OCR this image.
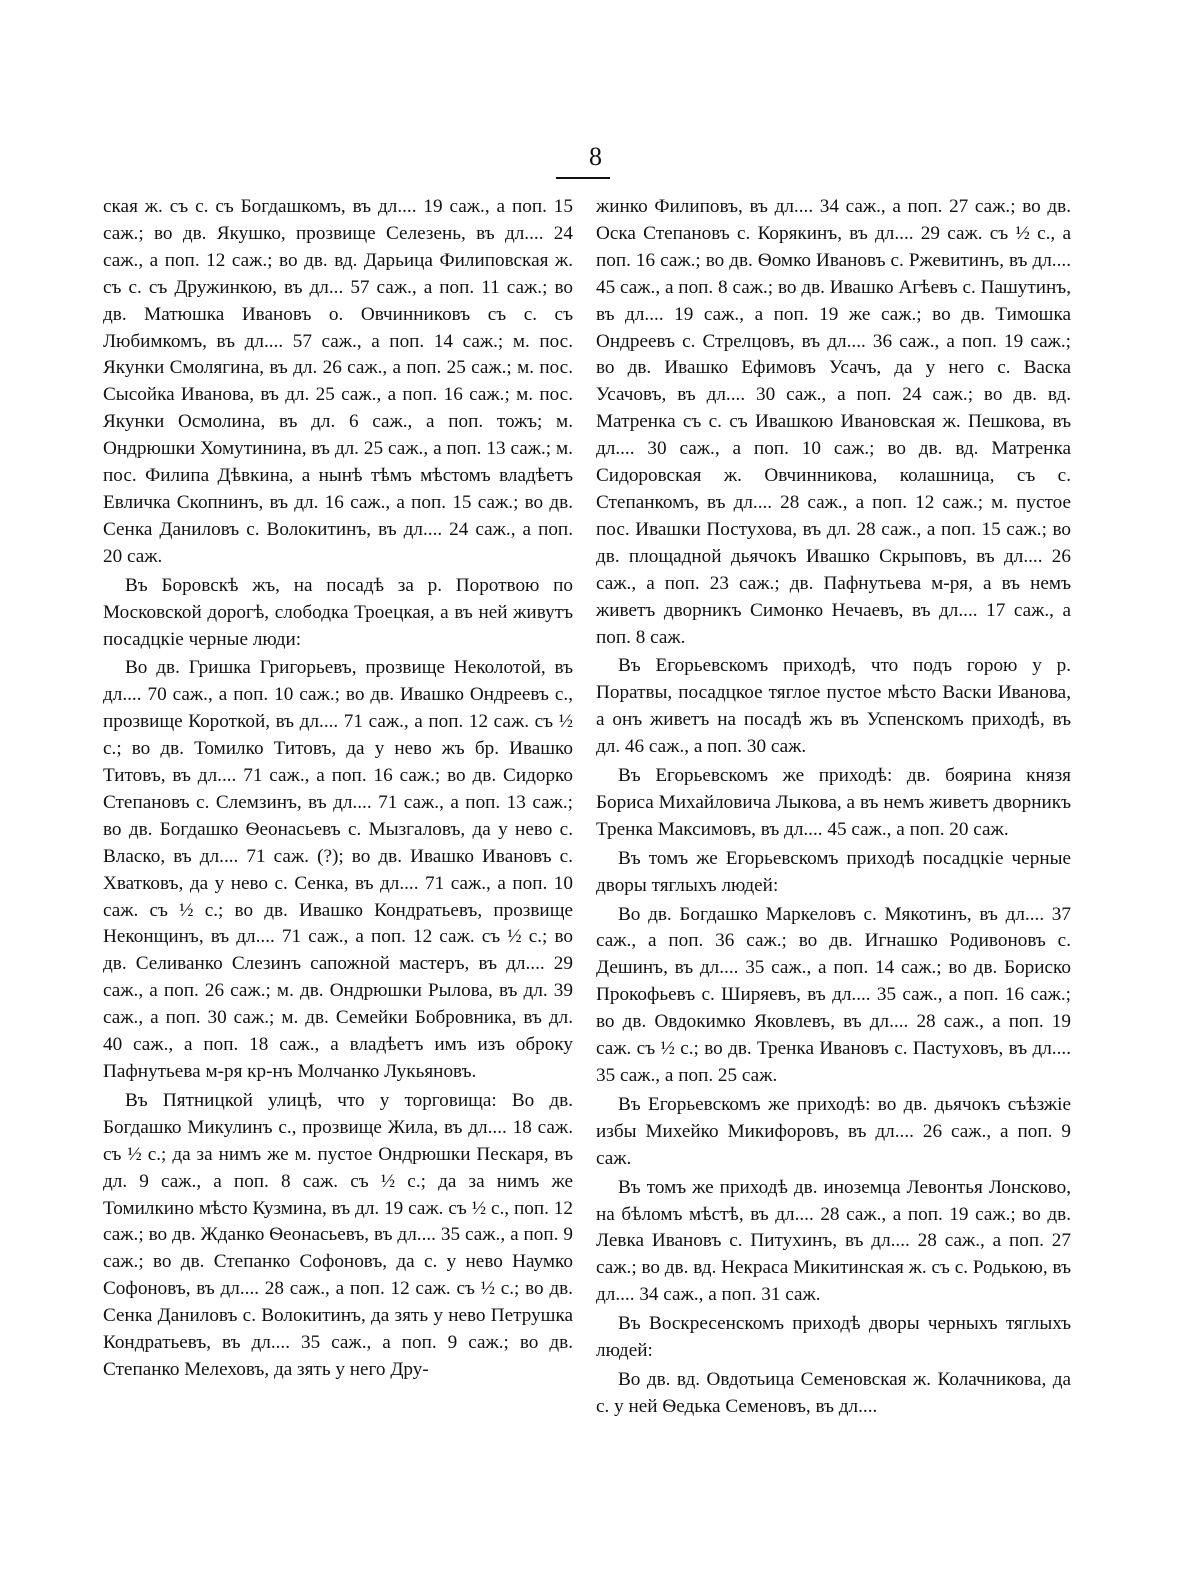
8

ская ж. съ с. съ Богдашкомъ, въ дл.... 19 саж., а поп. 15 саж.; во дв. Якушко, прозвище Селезень, въ дл.... 24 саж., а поп. 12 саж.; во дв. вд. Дарьица Филиповская ж. съ с. съ Дружинкою, въ дл... 57 саж., а поп. 11 саж.; во дв. Матюшка Ивановъ о. Овчинниковъ съ с. съ Любимкомъ, въ дл.... 57 саж., а поп. 14 саж.; м. пос. Якунки Смолягина, въ дл. 26 саж., а поп. 25 саж.; м. пос. Сысойка Иванова, въ дл. 25 саж., а поп. 16 саж.; м. пос. Якунки Осмолина, въ дл. 6 саж., а поп. тожъ; м. Ондрюшки Хомутинина, въ дл. 25 саж., а поп. 13 саж.; м. пос. Филипа Дѣвкина, а нынѣ тѣмъ мѣстомъ владѣетъ Евличка Скопнинъ, въ дл. 16 саж., а поп. 15 саж.; во дв. Сенка Даниловъ с. Волокитинъ, въ дл.... 24 саж., а поп. 20 саж.

Въ Боровскѣ жъ, на посадѣ за р. Поротвою по Московской дорогѣ, слободка Троецкая, а въ ней живутъ посадцкіе черные люди:

Во дв. Гришка Григорьевъ, прозвище Неколотой, въ дл.... 70 саж., а поп. 10 саж.; во дв. Ивашко Ондреевъ с., прозвище Короткой, въ дл.... 71 саж., а поп. 12 саж. съ ½ с.; во дв. Томилко Титовъ, да у нево жъ бр. Ивашко Титовъ, въ дл.... 71 саж., а поп. 16 саж.; во дв. Сидорко Степановъ с. Слемзинъ, въ дл.... 71 саж., а поп. 13 саж.; во дв. Богдашко Ѳеонасьевъ с. Мызгаловъ, да у нево с. Власко, въ дл.... 71 саж. (?); во дв. Ивашко Ивановъ с. Хватковъ, да у нево с. Сенка, въ дл.... 71 саж., а поп. 10 саж. съ ½ с.; во дв. Ивашко Кондратьевъ, прозвище Неконщинъ, въ дл.... 71 саж., а поп. 12 саж. съ ½ с.; во дв. Селиванко Слезинъ сапожной мастеръ, въ дл.... 29 саж., а поп. 26 саж.; м. дв. Ондрюшки Рылова, въ дл. 39 саж., а поп. 30 саж.; м. дв. Семейки Бобровника, въ дл. 40 саж., а поп. 18 саж., а владѣетъ имъ изъ оброку Пафнутьева м-ря кр-нъ Молчанко Лукьяновъ.

Въ Пятницкой улицѣ, что у торговища: Во дв. Богдашко Микулинъ с., прозвище Жила, въ дл.... 18 саж. съ ½ с.; да за нимъ же м. пустое Ондрюшки Пескаря, въ дл. 9 саж., а поп. 8 саж. съ ½ с.; да за нимъ же Томилкино мѣсто Кузмина, въ дл. 19 саж. съ ½ с., поп. 12 саж.; во дв. Жданко Ѳеонасьевъ, въ дл.... 35 саж., а поп. 9 саж.; во дв. Степанко Софоновъ, да с. у нево Наумко Софоновъ, въ дл.... 28 саж., а поп. 12 саж. съ ½ с.; во дв. Сенка Даниловъ с. Волокитинъ, да зять у нево Петрушка Кондратьевъ, въ дл.... 35 саж., а поп. 9 саж.; во дв. Степанко Мелеховъ, да зять у него Дру-

жинко Филиповъ, въ дл.... 34 саж., а поп. 27 саж.; во дв. Оска Степановъ с. Корякинъ, въ дл.... 29 саж. съ ½ с., а поп. 16 саж.; во дв. Ѳомко Ивановъ с. Ржевитинъ, въ дл.... 45 саж., а поп. 8 саж.; во дв. Ивашко Агѣевъ с. Пашутинъ, въ дл.... 19 саж., а поп. 19 же саж.; во дв. Тимошка Ондреевъ с. Стрелцовъ, въ дл.... 36 саж., а поп. 19 саж.; во дв. Ивашко Ефимовъ Усачъ, да у него с. Васка Усачовъ, въ дл.... 30 саж., а поп. 24 саж.; во дв. вд. Матренка съ с. съ Ивашкою Ивановская ж. Пешкова, въ дл.... 30 саж., а поп. 10 саж.; во дв. вд. Матренка Сидоровская ж. Овчинникова, колашница, съ с. Степанкомъ, въ дл.... 28 саж., а поп. 12 саж.; м. пустое пос. Ивашки Постухова, въ дл. 28 саж., а поп. 15 саж.; во дв. площадной дьячокъ Ивашко Скрыповъ, въ дл.... 26 саж., а поп. 23 саж.; дв. Пафнутьева м-ря, а въ немъ живетъ дворникъ Симонко Нечаевъ, въ дл.... 17 саж., а поп. 8 саж.

Въ Егорьевскомъ приходѣ, что подъ горою у р. Поратвы, посадцкое тяглое пустое мѣсто Васки Иванова, а онъ живетъ на посадѣ жъ въ Успенскомъ приходѣ, въ дл. 46 саж., а поп. 30 саж.

Въ Егорьевскомъ же приходѣ: дв. боярина князя Бориса Михайловича Лыкова, а въ немъ живетъ дворникъ Тренка Максимовъ, въ дл.... 45 саж., а поп. 20 саж.

Въ томъ же Егорьевскомъ приходѣ посадцкіе черные дворы тяглыхъ людей:

Во дв. Богдашко Маркеловъ с. Мякотинъ, въ дл.... 37 саж., а поп. 36 саж.; во дв. Игнашко Родивоновъ с. Дешинъ, въ дл.... 35 саж., а поп. 14 саж.; во дв. Бориско Прокофьевъ с. Ширяевъ, въ дл.... 35 саж., а поп. 16 саж.; во дв. Овдокимко Яковлевъ, въ дл.... 28 саж., а поп. 19 саж. съ ½ с.; во дв. Тренка Ивановъ с. Пастуховъ, въ дл.... 35 саж., а поп. 25 саж.

Въ Егорьевскомъ же приходѣ: во дв. дьячокъ съѣзжіе избы Михейко Микифоровъ, въ дл.... 26 саж., а поп. 9 саж.

Въ томъ же приходѣ дв. иноземца Левонтья Лонсково, на бѣломъ мѣстѣ, въ дл.... 28 саж., а поп. 19 саж.; во дв. Левка Ивановъ с. Питухинъ, въ дл.... 28 саж., а поп. 27 саж.; во дв. вд. Некраса Микитинская ж. съ с. Родькою, въ дл.... 34 саж., а поп. 31 саж.

Въ Воскресенскомъ приходѣ дворы черныхъ тяглыхъ людей:

Во дв. вд. Овдотьица Семеновская ж. Колачникова, да с. у ней Ѳедька Семеновъ, въ дл....
